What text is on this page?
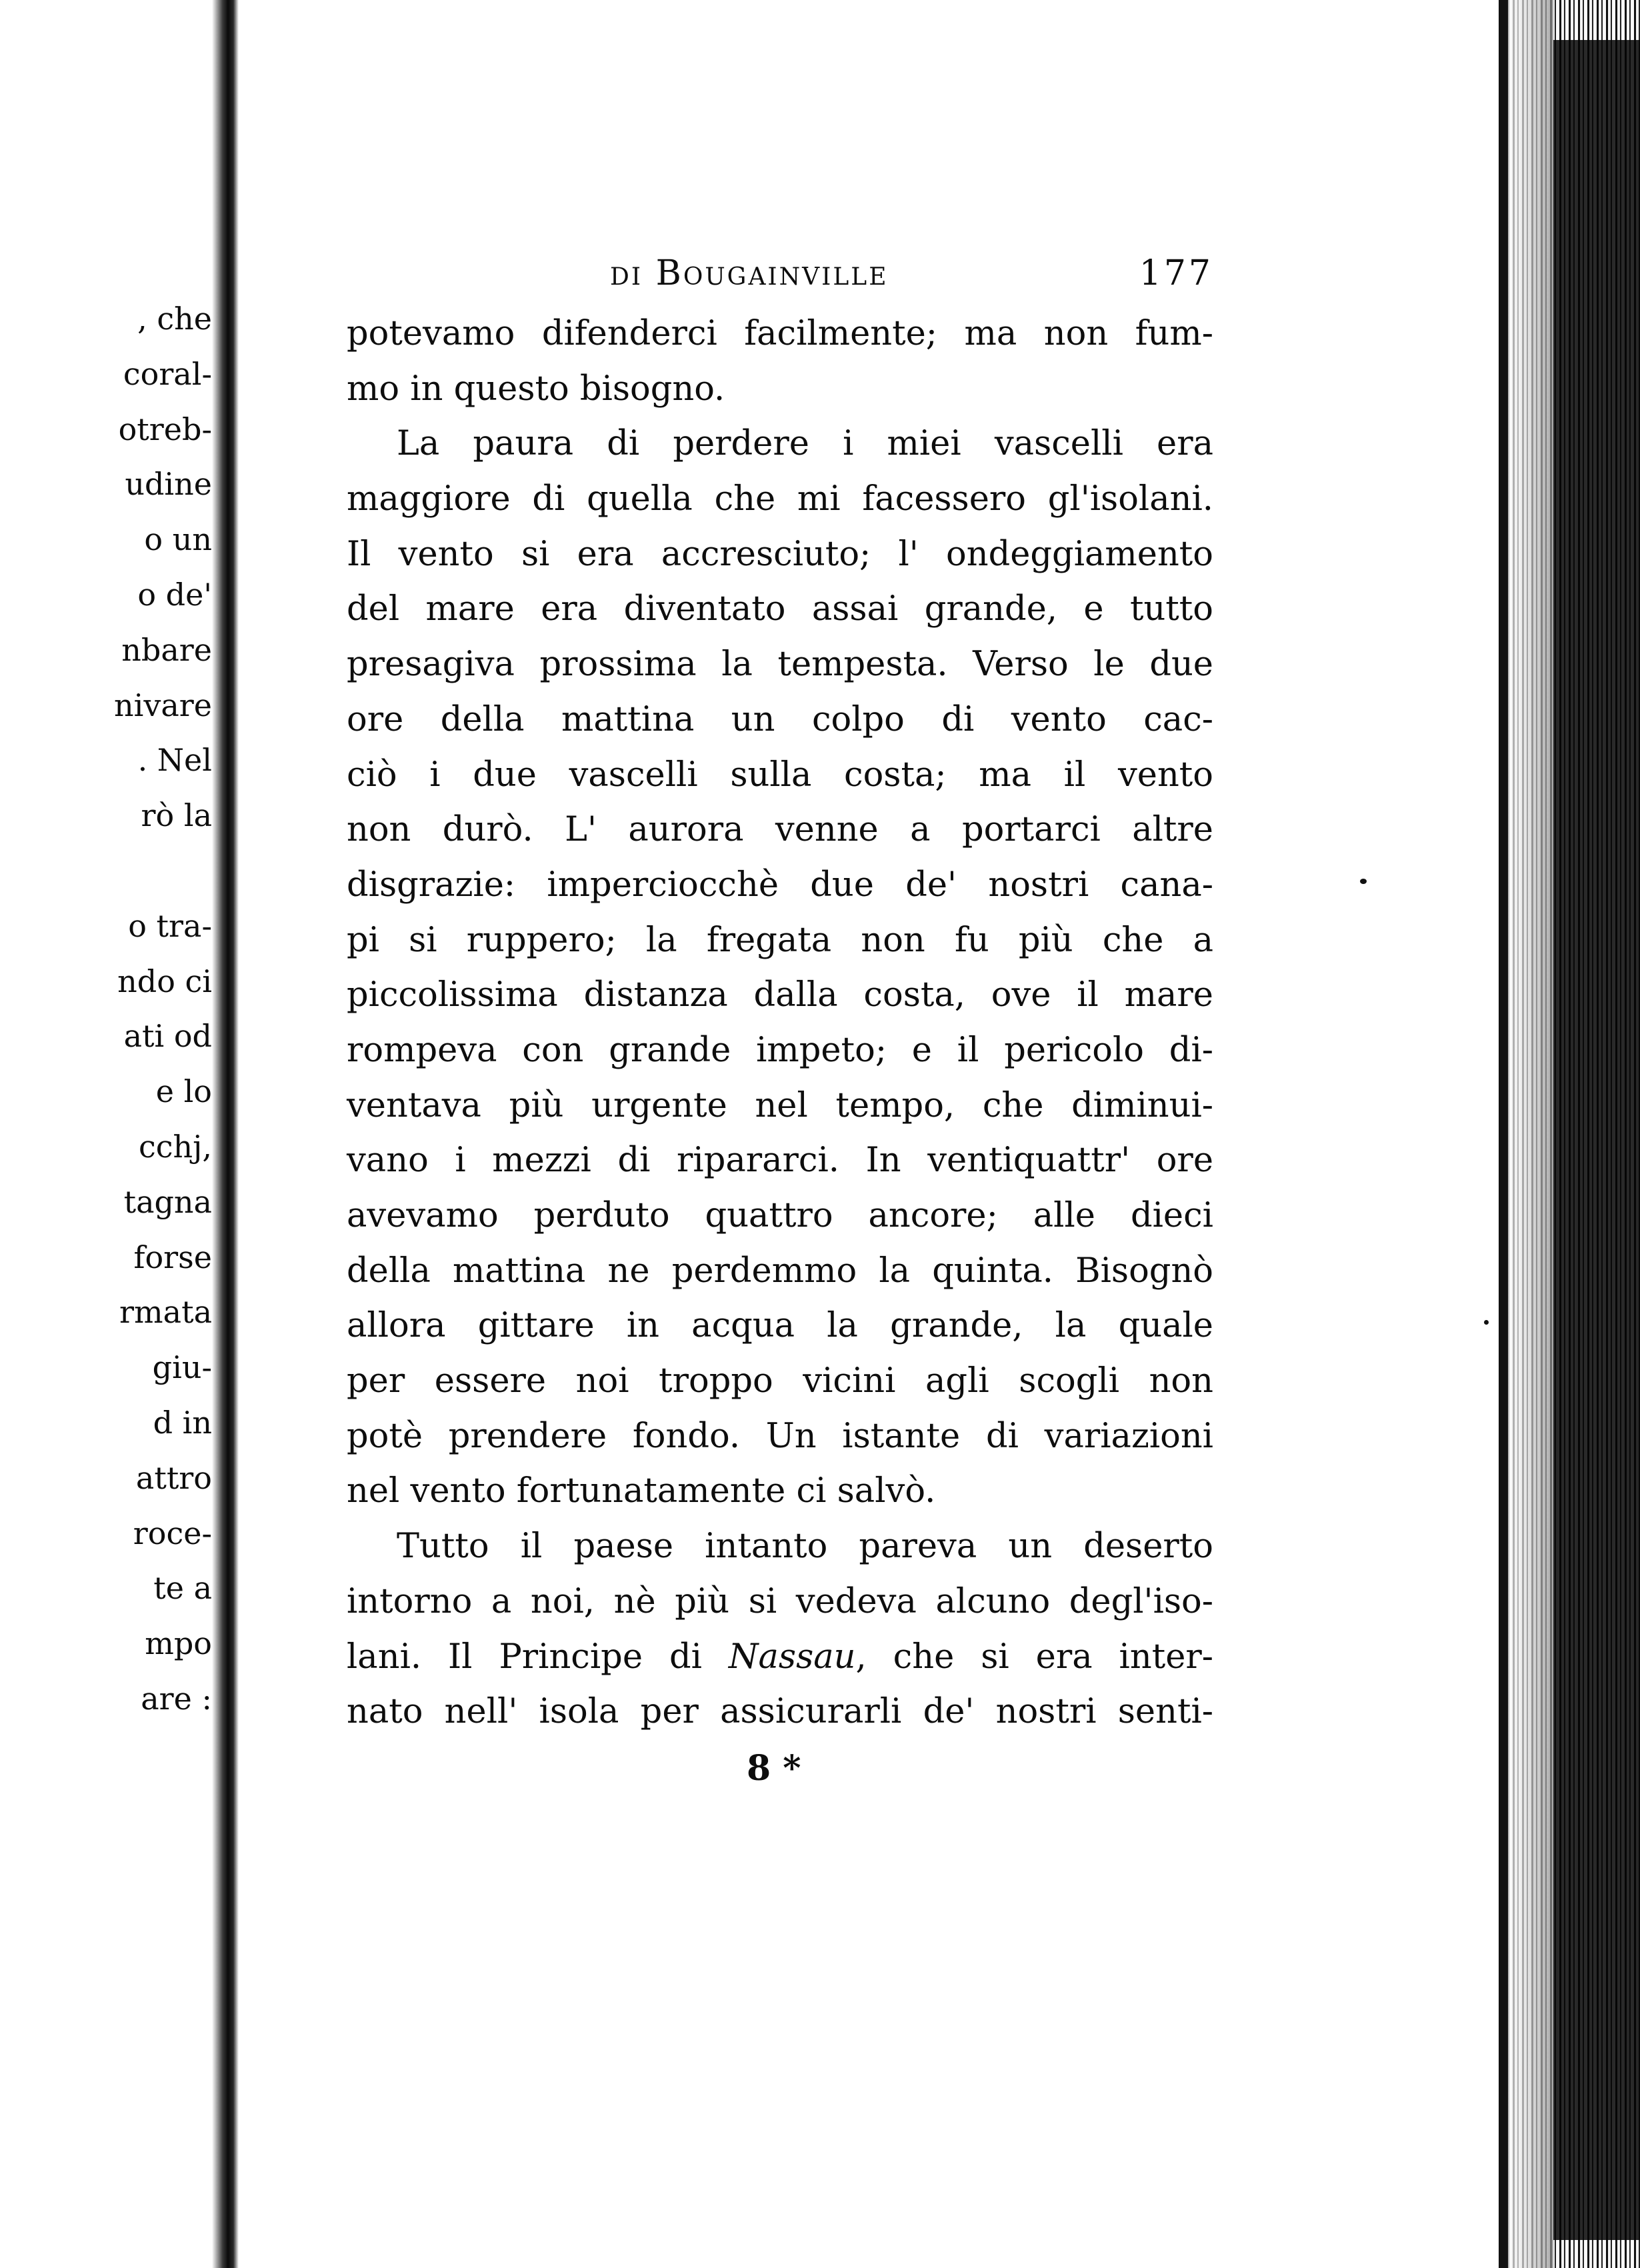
, che
coral-
otreb-
udine
o un
o de'
nbare
nivare
. Nel
rò la
o tra-
ndo ci
ati od
e lo
cchj,
tagna
forse
rmata
giu-
d in
attro
roce-
te a
mpo
are :
di Bougainville	177
potevamo difenderci facilmente; ma non fum-
mo in questo bisogno.
La paura di perdere i miei vascelli era
maggiore di quella che mi facessero gl'isolani.
Il vento si era accresciuto; l' ondeggiamento
del mare era diventato assai grande, e tutto
presagiva prossima la tempesta. Verso le due
ore della mattina un colpo di vento cac-
ciò i due vascelli sulla costa; ma il vento
non durò. L' aurora venne a portarci altre
disgrazie: imperciocchè due de' nostri cana-
pi si ruppero; la fregata non fu più che a
piccolissima distanza dalla costa, ove il mare
rompeva con grande impeto; e il pericolo di-
ventava più urgente nel tempo, che diminui-
vano i mezzi di ripararci. In ventiquattr' ore
avevamo perduto quattro ancore; alle dieci
della mattina ne perdemmo la quinta. Bisognò
allora gittare in acqua la grande, la quale
per essere noi troppo vicini agli scogli non
potè prendere fondo. Un istante di variazioni
nel vento fortunatamente ci salvò.
Tutto il paese intanto pareva un deserto
intorno a noi, nè più si vedeva alcuno degl'iso-
lani. Il Principe di Nassau, che si era inter-
nato nell' isola per assicurarli de' nostri senti-
8 *
